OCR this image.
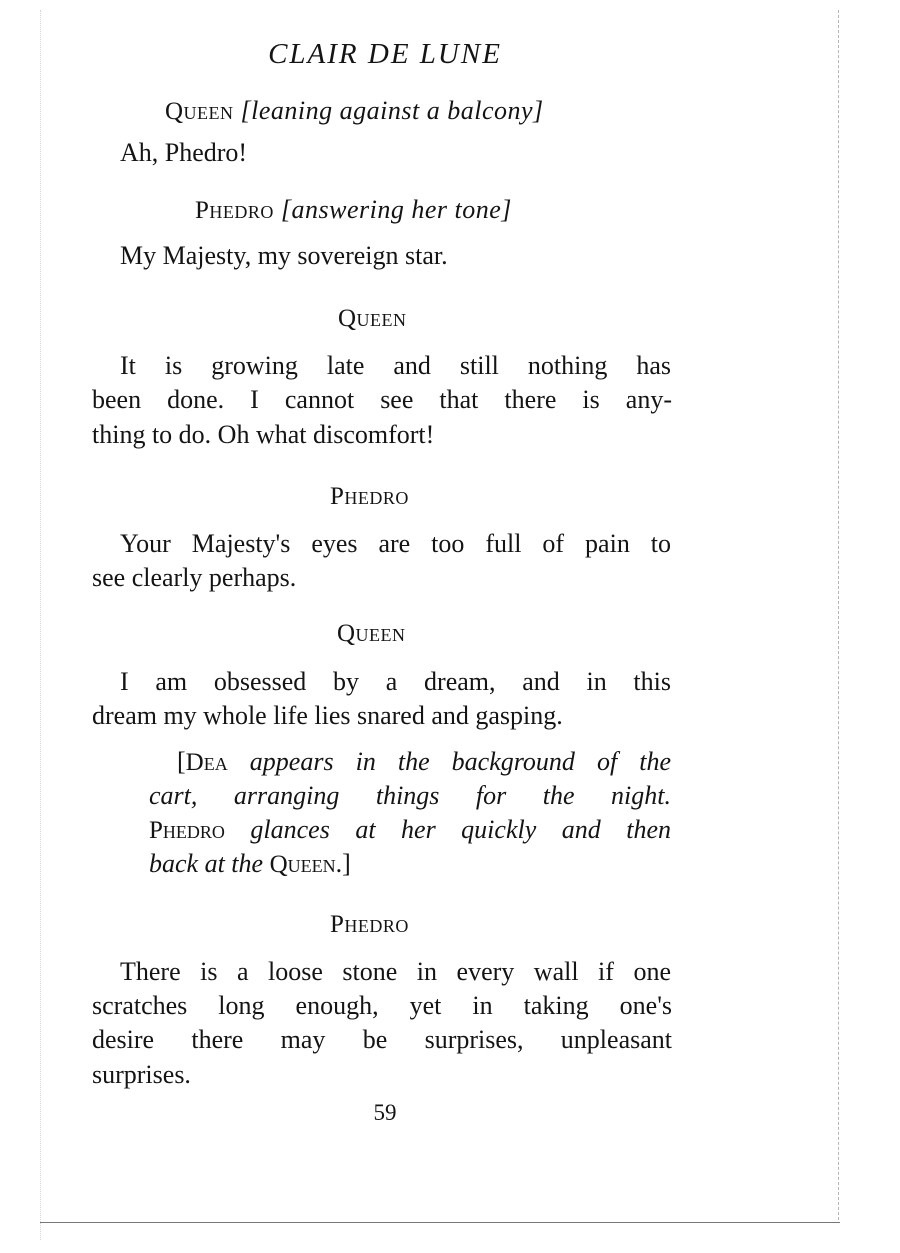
CLAIR DE LUNE
Queen [leaning against a balcony]
Ah, Phedro!
Phedro [answering her tone]
My Majesty, my sovereign star.
Queen
It is growing late and still nothing has
been done. I cannot see that there is any-
thing to do. Oh what discomfort!
Phedro
Your Majesty's eyes are too full of pain to
see clearly perhaps.
Queen
I am obsessed by a dream, and in this
dream my whole life lies snared and gasping.
[Dea appears in the background of the
cart, arranging things for the night.
Phedro glances at her quickly and then
back at the Queen.]
Phedro
There is a loose stone in every wall if one
scratches long enough, yet in taking one's
desire there may be surprises, unpleasant
surprises.
59
